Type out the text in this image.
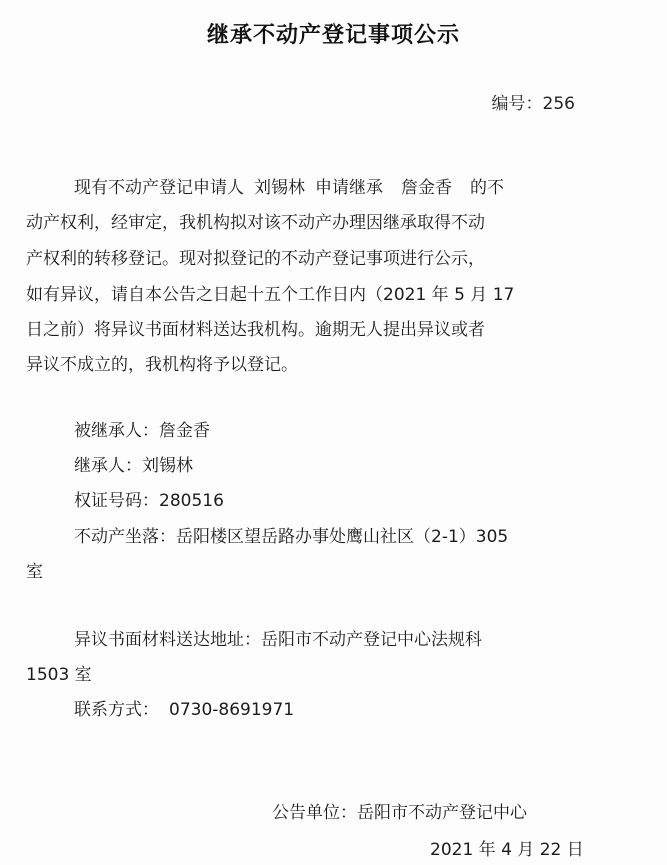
继承不动产登记事项公示
编号：256
现有不动产登记申请人 刘锡林 申请继承 詹金香 的不
动产权利，经审定，我机构拟对该不动产办理因继承取得不动
产权利的转移登记。现对拟登记的不动产登记事项进行公示，
如有异议，请自本公告之日起十五个工作日内（2021 年 5 月 17
日之前）将异议书面材料送达我机构。逾期无人提出异议或者
异议不成立的，我机构将予以登记。
被继承人：詹金香
继承人：刘锡林
权证号码：280516
不动产坐落：岳阳楼区望岳路办事处鹰山社区（2-1）305
室
异议书面材料送达地址：岳阳市不动产登记中心法规科
1503 室
联系方式： 0730-8691971
公告单位：岳阳市不动产登记中心
2021 年 4 月 22 日
